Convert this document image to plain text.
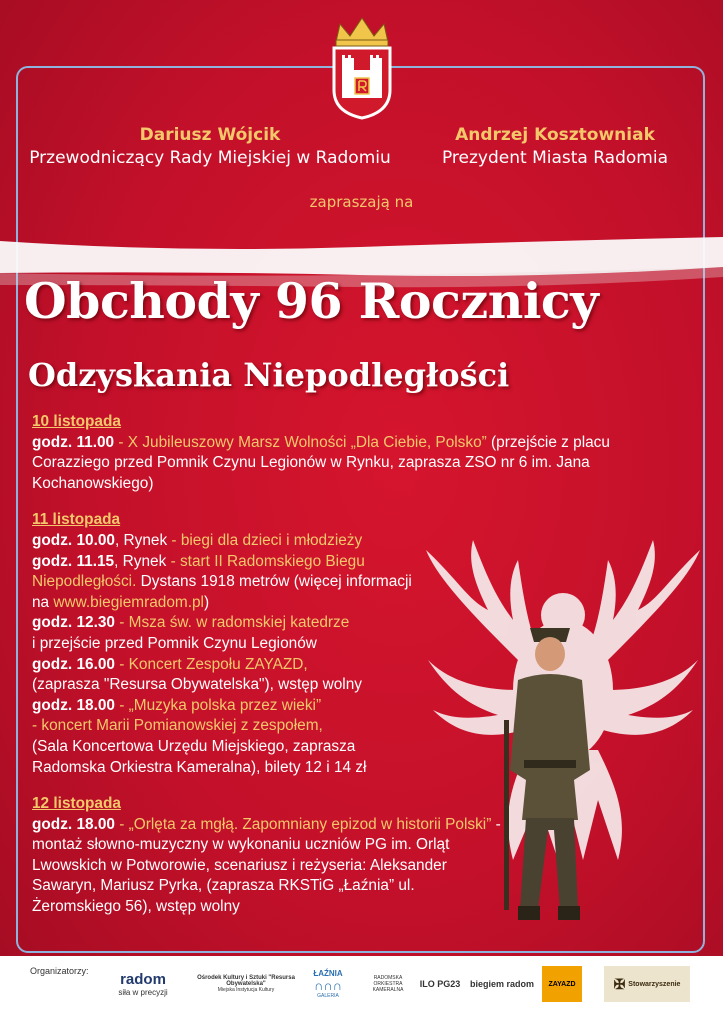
Dariusz Wójcik
Przewodniczący Rady Miejskiej w Radomiu
Andrzej Kosztowniak
Prezydent Miasta Radomia
zapraszają na
Obchody 96 Rocznicy
Odzyskania Niepodległości
10 listopada
godz. 11.00 - X Jubileuszowy Marsz Wolności „Dla Ciebie, Polsko” (przejście z placu Corazziego przed Pomnik Czynu Legionów w Rynku, zaprasza ZSO nr 6 im. Jana Kochanowskiego)
11 listopada
godz. 10.00, Rynek - biegi dla dzieci i młodzieży
godz. 11.15, Rynek - start II Radomskiego Biegu Niepodległości. Dystans 1918 metrów (więcej informacji na www.biegiemradom.pl)
godz. 12.30 - Msza św. w radomskiej katedrze
i przejście przed Pomnik Czynu Legionów
godz. 16.00 - Koncert Zespołu ZAYAZD,
(zaprasza "Resursa Obywatelska"), wstęp wolny
godz. 18.00 - „Muzyka polska przez wieki”
- koncert Marii Pomianowskiej z zespołem,
(Sala Koncertowa Urzędu Miejskiego, zaprasza Radomska Orkiestra Kameralna), bilety 12 i 14 zł
12 listopada
godz. 18.00 - „Orlęta za mgłą. Zapomniany epizod w historii Polski” - montaż słowno-muzyczny w wykonaniu uczniów PG im. Orląt Lwowskich w Potworowie, scenariusz i reżyseria: Aleksander Sawaryn, Mariusz Pyrka, (zaprasza RKSTiG „Łaźnia” ul. Żeromskiego 56), wstęp wolny
Organizatorzy: radom
siła w precyzji
Ośrodek Kultury i Sztuki "Resursa Obywatelska"
Miejska Instytucja Kultury
ŁAŹNIA
∩∩∩
GALERIA
RADOMSKA ORKIESTRA KAMERALNA
ILO PG23 biegiem radom ZAYAZD	✠ Stowarzyszenie
